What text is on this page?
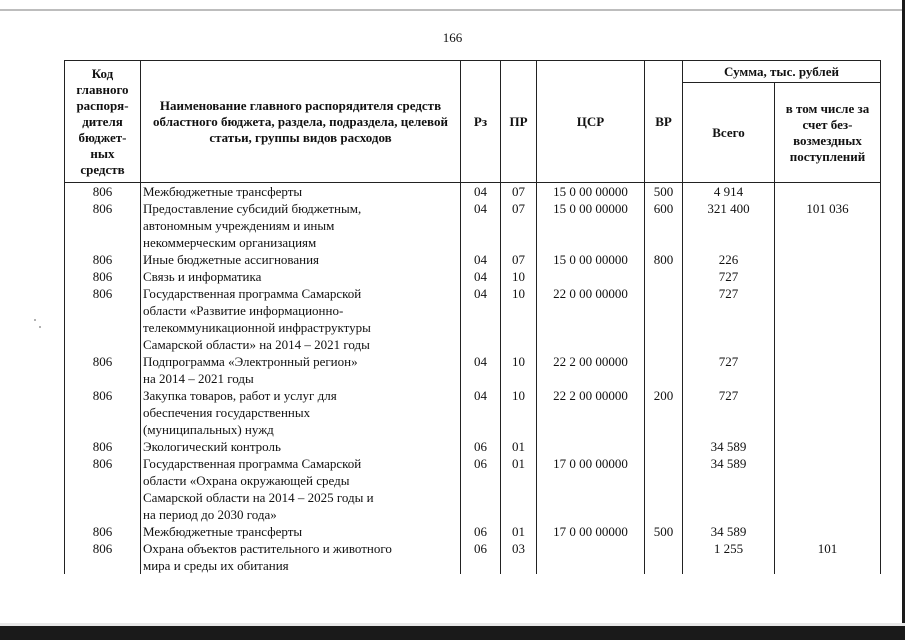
166
Код главного распоря-дителя бюджет-ных средств	Наименование главного распорядителя средств областного бюджета, раздела, подраздела, целевой статьи, группы видов расходов	Рз	ПР	ЦСР	ВР	Сумма, тыс. рублей	
						Всего	в том числе за счет без-возмездных поступлений
806	Межбюджетные трансферты	04	07	15 0 00 00000	500	4 914	
806	Предоставление субсидий бюджетным,
автономным учреждениям и иным
некоммерческим организациям	04	07	15 0 00 00000	600	321 400	101 036
806	Иные бюджетные ассигнования	04	07	15 0 00 00000	800	226	
806	Связь и информатика	04	10			727	
806	Государственная программа Самарской
области «Развитие информационно-
телекоммуникационной инфраструктуры
Самарской области» на 2014 – 2021 годы	04	10	22 0 00 00000		727	
806	Подпрограмма «Электронный регион»
на 2014 – 2021 годы	04	10	22 2 00 00000		727	
806	Закупка товаров, работ и услуг для
обеспечения государственных
(муниципальных) нужд	04	10	22 2 00 00000	200	727	
806	Экологический контроль	06	01			34 589	
806	Государственная программа Самарской
области «Охрана окружающей среды
Самарской области на 2014 – 2025 годы и
на период до 2030 года»	06	01	17 0 00 00000		34 589	
806	Межбюджетные трансферты	06	01	17 0 00 00000	500	34 589	
806	Охрана объектов растительного и животного
мира и среды их обитания	06	03			1 255	101
